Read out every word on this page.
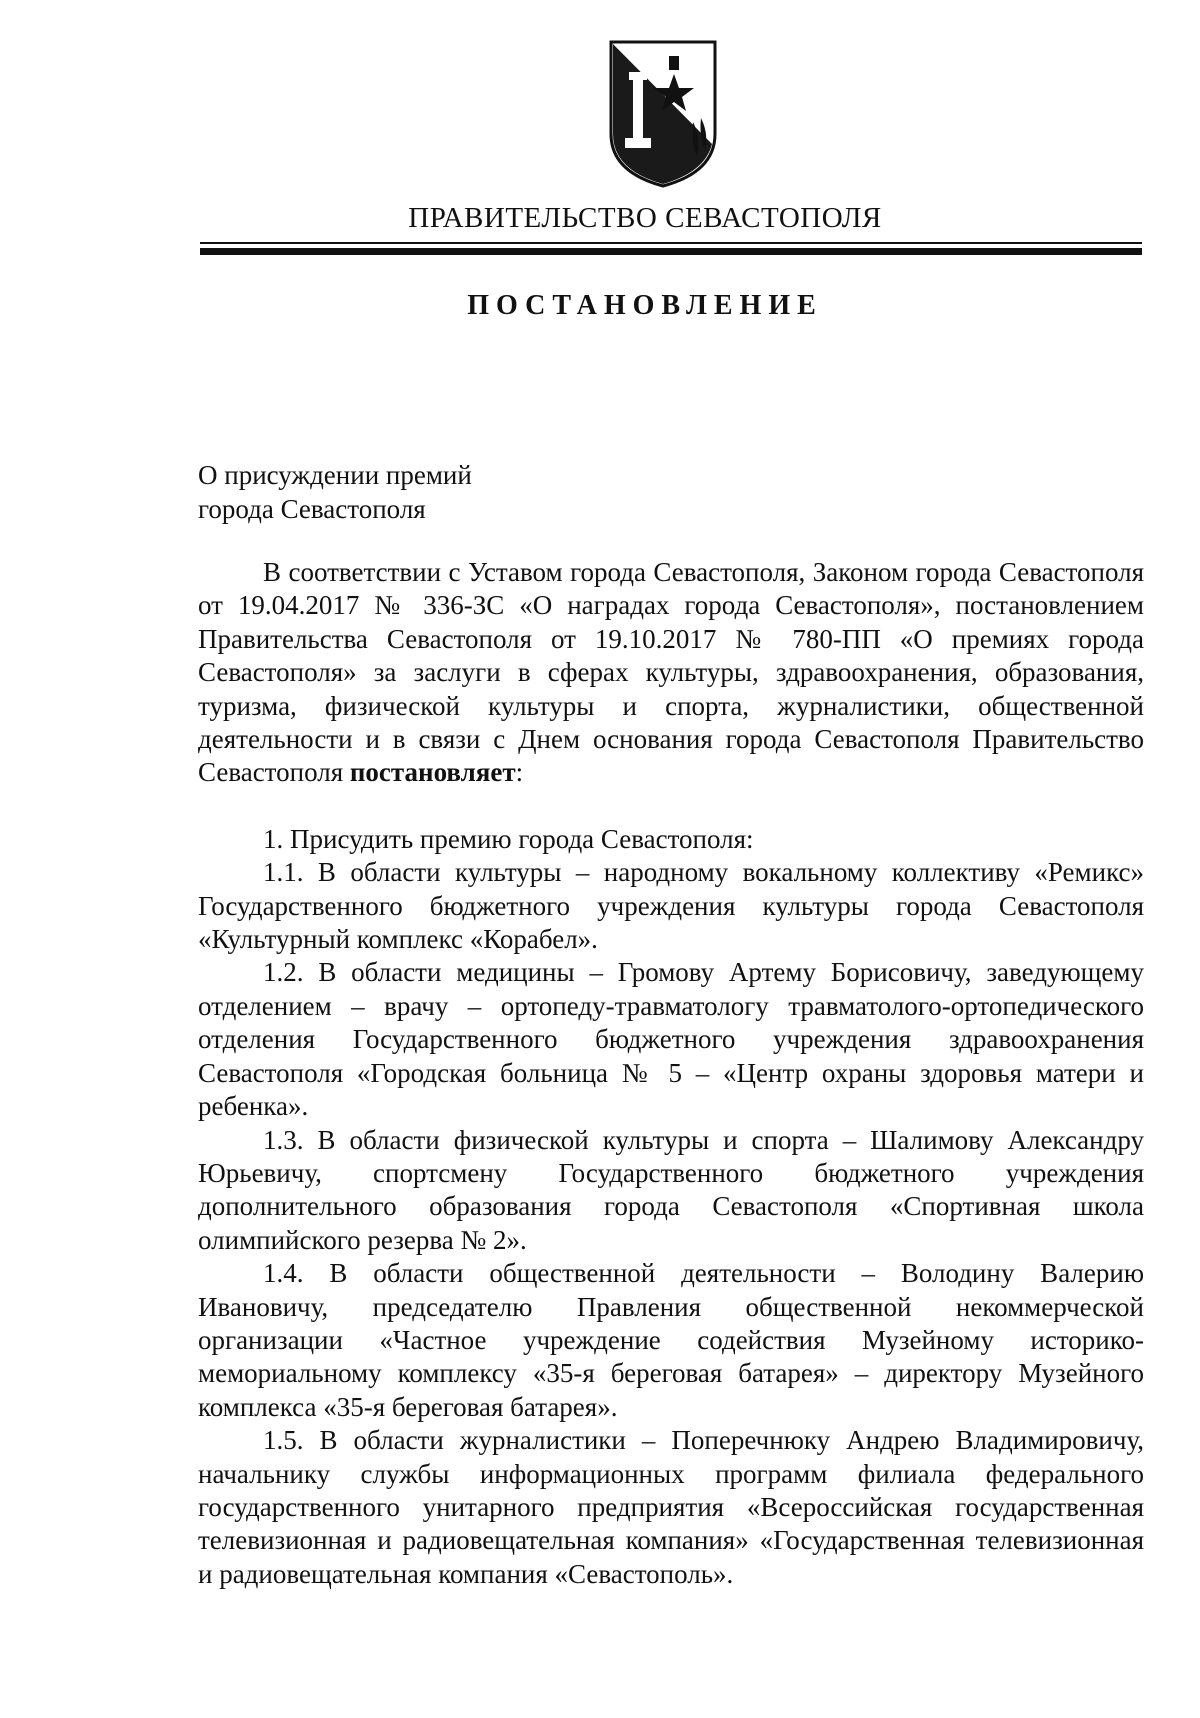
ПРАВИТЕЛЬСТВО СЕВАСТОПОЛЯ
ПОСТАНОВЛЕНИЕ
О присуждении премий
города Севастополя

В соответствии с Уставом города Севастополя, Законом города Севастополя от 19.04.2017 № 336-ЗС «О наградах города Севастополя», постановлением Правительства Севастополя от 19.10.2017 № 780-ПП «О премиях города Севастополя» за заслуги в сферах культуры, здравоохранения, образования, туризма, физической культуры и спорта, журналистики, общественной деятельности и в связи с Днем основания города Севастополя Правительство Севастополя постановляет:

1. Присудить премию города Севастополя:

1.1. В области культуры – народному вокальному коллективу «Ремикс» Государственного бюджетного учреждения культуры города Севастополя «Культурный комплекс «Корабел».

1.2. В области медицины – Громову Артему Борисовичу, заведующему отделением – врачу – ортопеду-травматологу травматолого-ортопедического отделения Государственного бюджетного учреждения здравоохранения Севастополя «Городская больница № 5 – «Центр охраны здоровья матери и ребенка».

1.3. В области физической культуры и спорта – Шалимову Александру Юрьевичу, спортсмену Государственного бюджетного учреждения дополнительного образования города Севастополя «Спортивная школа олимпийского резерва № 2».

1.4. В области общественной деятельности – Володину Валерию Ивановичу, председателю Правления общественной некоммерческой организации «Частное учреждение содействия Музейному историко-мемориальному комплексу «35-я береговая батарея» – директору Музейного комплекса «35-я береговая батарея».

1.5. В области журналистики – Поперечнюку Андрею Владимировичу, начальнику службы информационных программ филиала федерального государственного унитарного предприятия «Всероссийская государственная телевизионная и радиовещательная компания» «Государственная телевизионная и радиовещательная компания «Севастополь».
